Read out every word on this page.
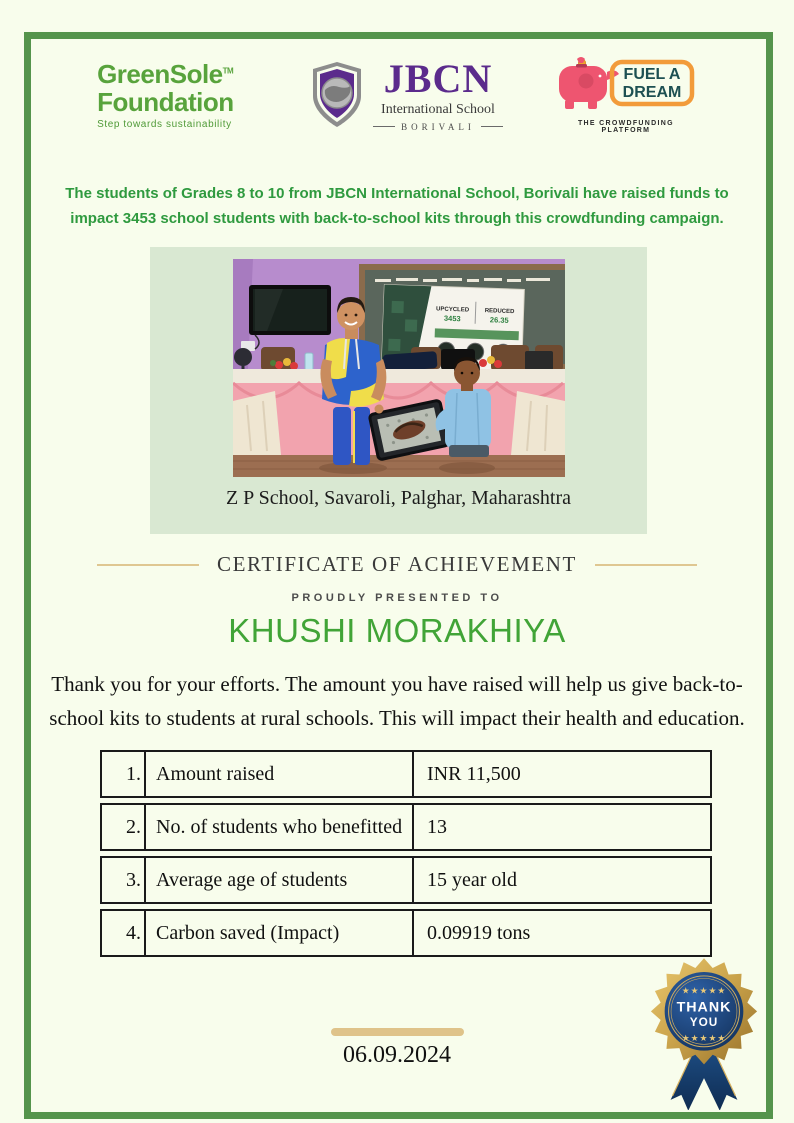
GreenSole™
Foundation
Step towards sustainability
JBCN
International School
BORIVALI
FUEL A
DREAM
THE CROWDFUNDING PLATFORM

The students of Grades 8 to 10 from JBCN International School, Borivali have raised funds to impact 3453 school students with back-to-school kits through this crowdfunding campaign.

UPCYCLED
3453
REDUCED
26.35
Z P School, Savaroli, Palghar, Maharashtra
CERTIFICATE OF ACHIEVEMENT
PROUDLY PRESENTED TO
KHUSHI MORAKHIYA

Thank you for your efforts. The amount you have raised will help us give back-to-school kits to students at rural schools. This will impact their health and education.

1. Amount raised	INR 11,500
2. No. of students who benefitted	13
3. Average age of students	15 year old
4. Carbon saved (Impact)	0.09919 tons
06.09.2024
★★★★★
THANK
YOU
★★★★★
